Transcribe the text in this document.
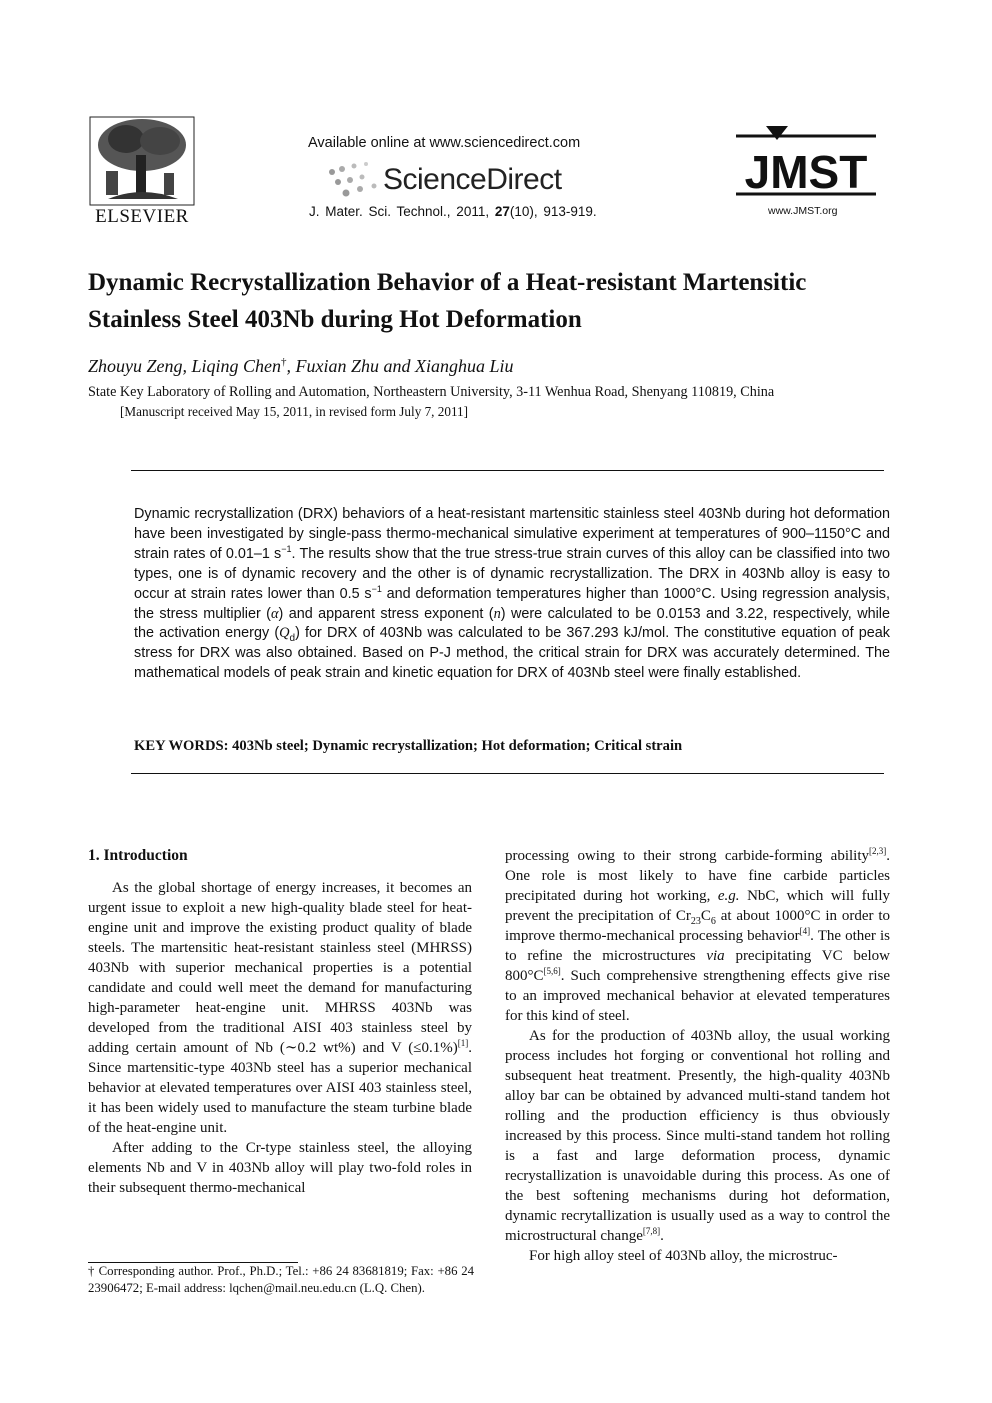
ELSEVIER
Available online at www.sciencedirect.com
ScienceDirect
J. Mater. Sci. Technol., 2011, 27(10), 913-919.
JMST
www.JMST.org
Dynamic Recrystallization Behavior of a Heat-resistant Martensitic
Stainless Steel 403Nb during Hot Deformation
Zhouyu Zeng, Liqing Chen†, Fuxian Zhu and Xianghua Liu
State Key Laboratory of Rolling and Automation, Northeastern University, 3-11 Wenhua Road, Shenyang 110819, China
[Manuscript received May 15, 2011, in revised form July 7, 2011]
Dynamic recrystallization (DRX) behaviors of a heat-resistant martensitic stainless steel 403Nb during hot deformation have been investigated by single-pass thermo-mechanical simulative experiment at temperatures of 900–1150°C and strain rates of 0.01–1 $s^{-1}$. The results show that the true stress-true strain curves of this alloy can be classified into two types, one is of dynamic recovery and the other is of dynamic recrystallization. The DRX in 403Nb alloy is easy to occur at strain rates lower than 0.5 $s^{-1}$ and deformation temperatures higher than 1000°C. Using regression analysis, the stress multiplier (α) and apparent stress exponent (n) were calculated to be 0.0153 and 3.22, respectively, while the activation energy $(Q_d)$ for DRX of 403Nb was calculated to be 367.293 kJ/mol. The constitutive equation of peak stress for DRX was also obtained. Based on P-J method, the critical strain for DRX was accurately determined. The mathematical models of peak strain and kinetic equation for DRX of 403Nb steel were finally established.
KEY WORDS: 403Nb steel; Dynamic recrystallization; Hot deformation; Critical strain

1. Introduction

As the global shortage of energy increases, it becomes an urgent issue to exploit a new high-quality blade steel for heat-engine unit and improve the existing product quality of blade steels. The martensitic heat-resistant stainless steel (MHRSS) 403Nb with superior mechanical properties is a potential candidate and could well meet the demand for manufacturing high-parameter heat-engine unit. MHRSS 403Nb was developed from the traditional AISI 403 stainless steel by adding certain amount of Nb (∼0.2 wt%) and V (≤0.1%)[1]. Since martensitic-type 403Nb steel has a superior mechanical behavior at elevated temperatures over AISI 403 stainless steel, it has been widely used to manufacture the steam turbine blade of the heat-engine unit.

After adding to the Cr-type stainless steel, the alloying elements Nb and V in 403Nb alloy will play two-fold roles in their subsequent thermo-mechanical

processing owing to their strong carbide-forming ability[2,3]. One role is most likely to have fine carbide particles precipitated during hot working, e.g. NbC, which will fully prevent the precipitation of $Cr_{23}C_6$ at about 1000°C in order to improve thermo-mechanical processing behavior[4]. The other is to refine the microstructures via precipitating VC below 800°C[5,6]. Such comprehensive strengthening effects give rise to an improved mechanical behavior at elevated temperatures for this kind of steel.

As for the production of 403Nb alloy, the usual working process includes hot forging or conventional hot rolling and subsequent heat treatment. Presently, the high-quality 403Nb alloy bar can be obtained by advanced multi-stand tandem hot rolling and the production efficiency is thus obviously increased by this process. Since multi-stand tandem hot rolling is a fast and large deformation process, dynamic recrystallization is unavoidable during this process. As one of the best softening mechanisms during hot deformation, dynamic recrytallization is usually used as a way to control the microstructural change[7,8].

For high alloy steel of 403Nb alloy, the microstruc-

† Corresponding author. Prof., Ph.D.; Tel.: +86 24 83681819; Fax: +86 24 23906472; E-mail address: lqchen@mail.neu.edu.cn (L.Q. Chen).
